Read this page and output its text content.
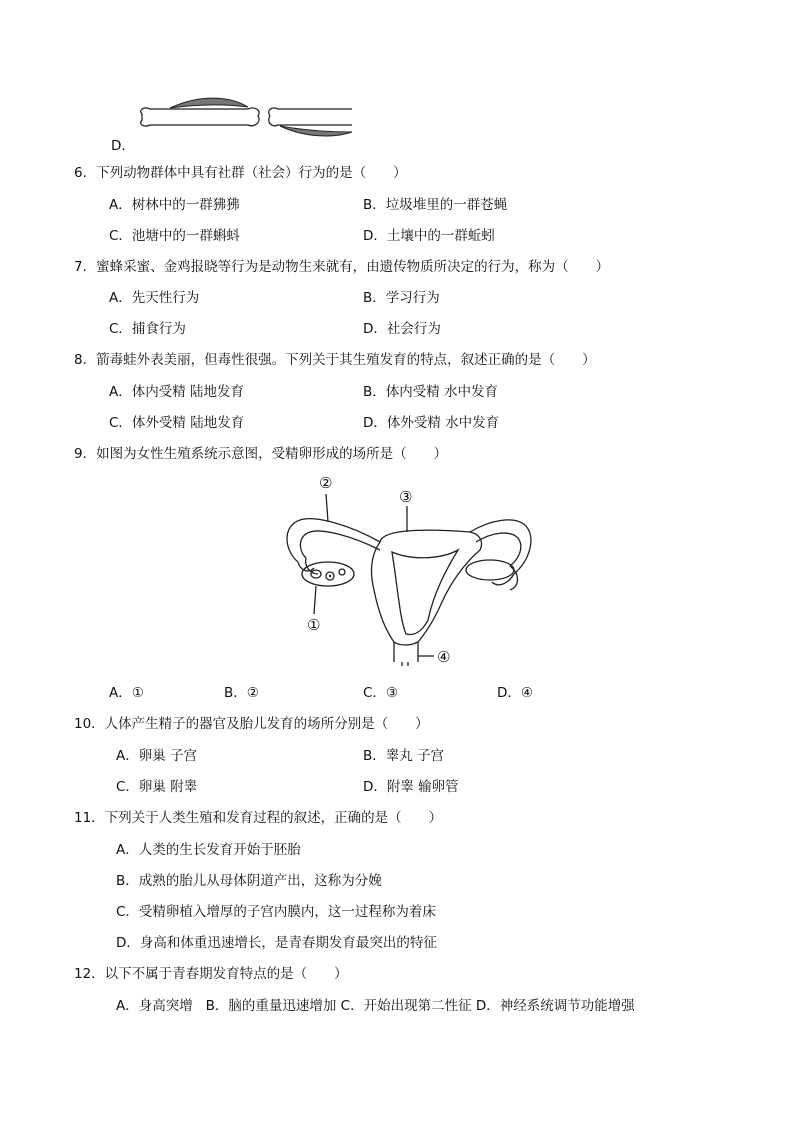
D．
6．下列动物群体中具有社群（社会）行为的是（　　）
A．树林中的一群狒狒	B．垃圾堆里的一群苍蝇
C．池塘中的一群蝌蚪	D．土壤中的一群蚯蚓
7．蜜蜂采蜜、金鸡报晓等行为是动物生来就有，由遗传物质所决定的行为，称为（　　）
A．先天性行为	B．学习行为
C．捕食行为	D．社会行为
8．箭毒蛙外表美丽，但毒性很强。下列关于其生殖发育的特点，叙述正确的是（　　）
A．体内受精 陆地发育	B．体内受精 水中发育
C．体外受精 陆地发育	D．体外受精 水中发育
9．如图为女性生殖系统示意图，受精卵形成的场所是（　　）
②
③
①
④
A．①	B．②	C．③	D．④
10．人体产生精子的器官及胎儿发育的场所分别是（　　）
A．卵巢 子宫	B．睾丸 子宫
C．卵巢 附睾	D．附睾 输卵管
11．下列关于人类生殖和发育过程的叙述，正确的是（　　）
A．人类的生长发育开始于胚胎
B．成熟的胎儿从母体阴道产出，这称为分娩
C．受精卵植入增厚的子宫内膜内，这一过程称为着床
D．身高和体重迅速增长，是青春期发育最突出的特征
12．以下不属于青春期发育特点的是（　　）
A．身高突增   B．脑的重量迅速增加 C．开始出现第二性征 D．神经系统调节功能增强
